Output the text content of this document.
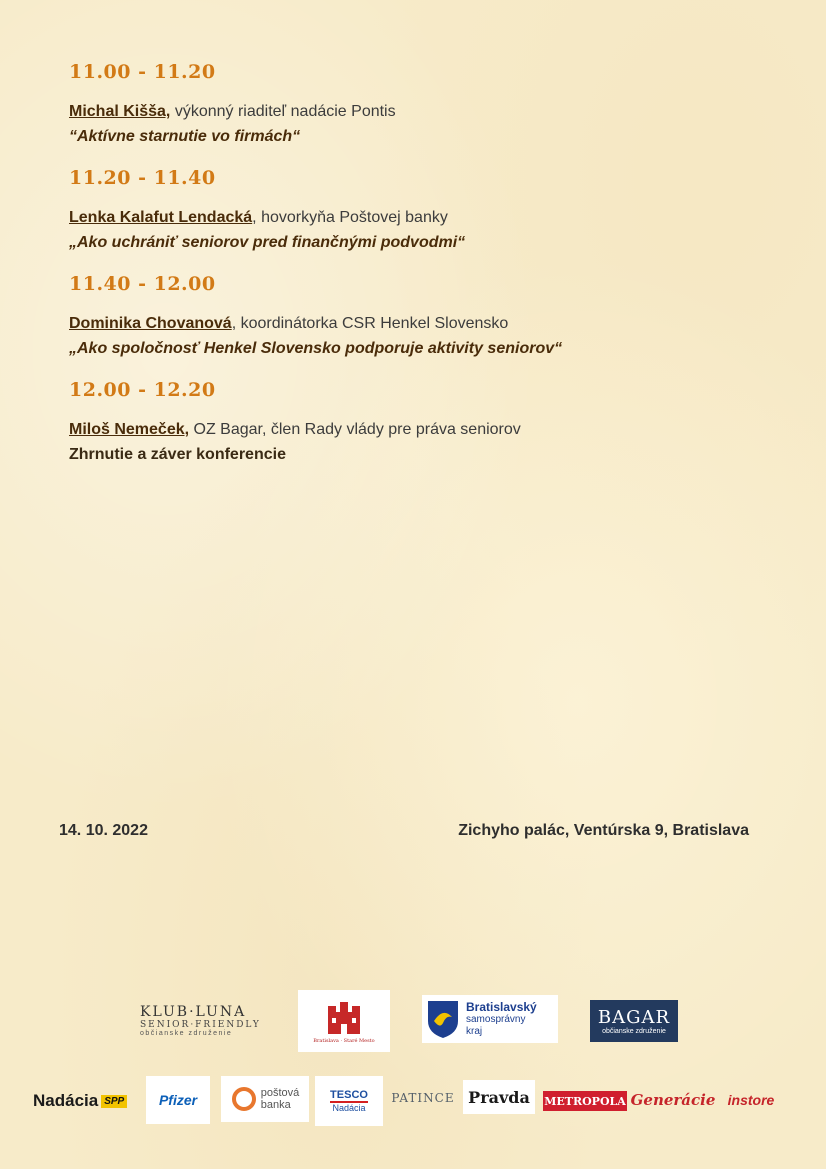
11.00 - 11.20
Michal Kišša, výkonný riaditeľ nadácie Pontis
“Aktívne starnutie vo firmách“
11.20 - 11.40
Lenka Kalafut Lendacká, hovorkyňa Poštovej banky
„Ako uchrániť seniorov pred finančnými podvodmi“
11.40 - 12.00
Dominika Chovanová, koordinátorka CSR Henkel Slovensko
„Ako spoločnosť Henkel Slovensko podporuje aktivity seniorov“
12.00 - 12.20
Miloš Nemeček, OZ Bagar, člen Rady vlády pre práva seniorov
Zhrnutie a záver konferencie
14. 10. 2022	Zichyho palác, Ventúrska 9, Bratislava
KLUB·LUNA
SENIOR·FRIENDLY
občianske združenie
Bratislava · Staré Mesto
Bratislavský
samosprávny
kraj
BAGAR
občianske združenie
Nadácia SPP Pfizer	poštová
banka
TESCO
Nadácia
PATINCE Pravda METROPOLA Generácie instore
